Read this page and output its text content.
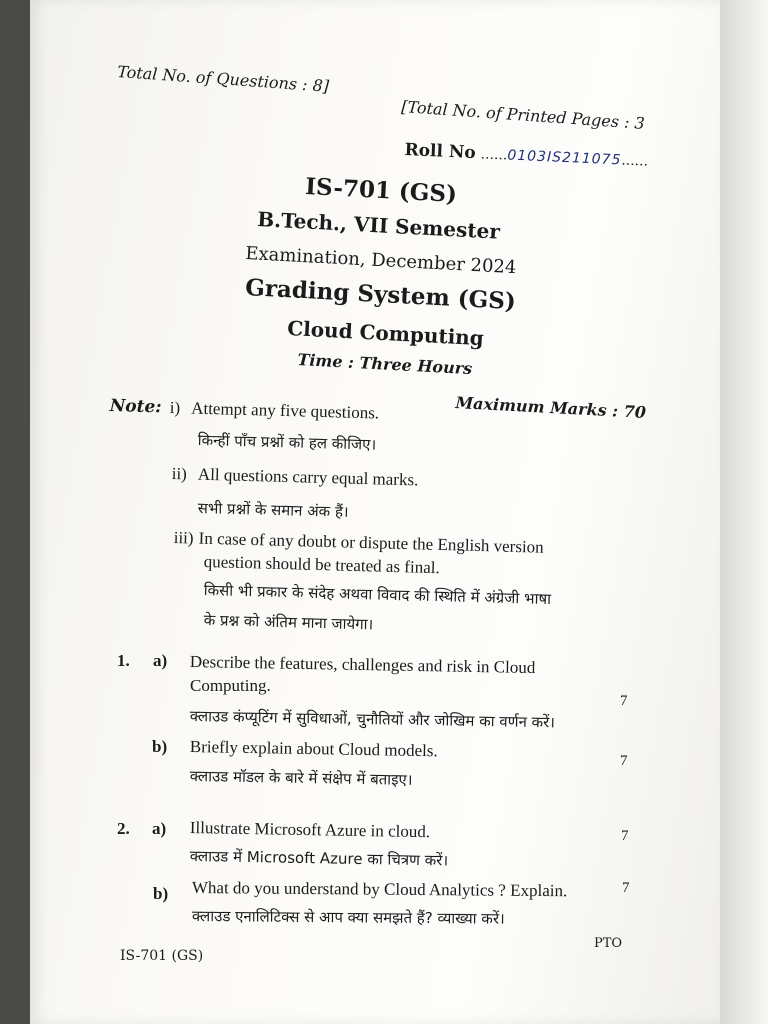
Total No. of Questions : 8]
[Total No. of Printed Pages : 3
Roll No ......0103IS211075......
IS-701 (GS)
B.Tech., VII Semester
Examination, December 2024
Grading System (GS)
Cloud Computing
Time : Three Hours
Maximum Marks : 70
Note: i) Attempt any five questions.
किन्हीं पाँच प्रश्नों को हल कीजिए।
ii) All questions carry equal marks.
सभी प्रश्नों के समान अंक हैं।
iii) In case of any doubt or dispute the English version
question should be treated as final.
किसी भी प्रकार के संदेह अथवा विवाद की स्थिति में अंग्रेजी भाषा
के प्रश्न को अंतिम माना जायेगा।
1. a) Describe the features, challenges and risk in Cloud
Computing.
7
क्लाउड कंप्यूटिंग में सुविधाओं, चुनौतियों और जोखिम का वर्णन करें।
b) Briefly explain about Cloud models.
7
क्लाउड मॉडल के बारे में संक्षेप में बताइए।
2. a) Illustrate Microsoft Azure in cloud.	7
क्लाउड में Microsoft Azure का चित्रण करें।
b) What do you understand by Cloud Analytics ? Explain.	7
क्लाउड एनालिटिक्स से आप क्या समझते हैं? व्याख्या करें।
PTO
IS-701 (GS)
